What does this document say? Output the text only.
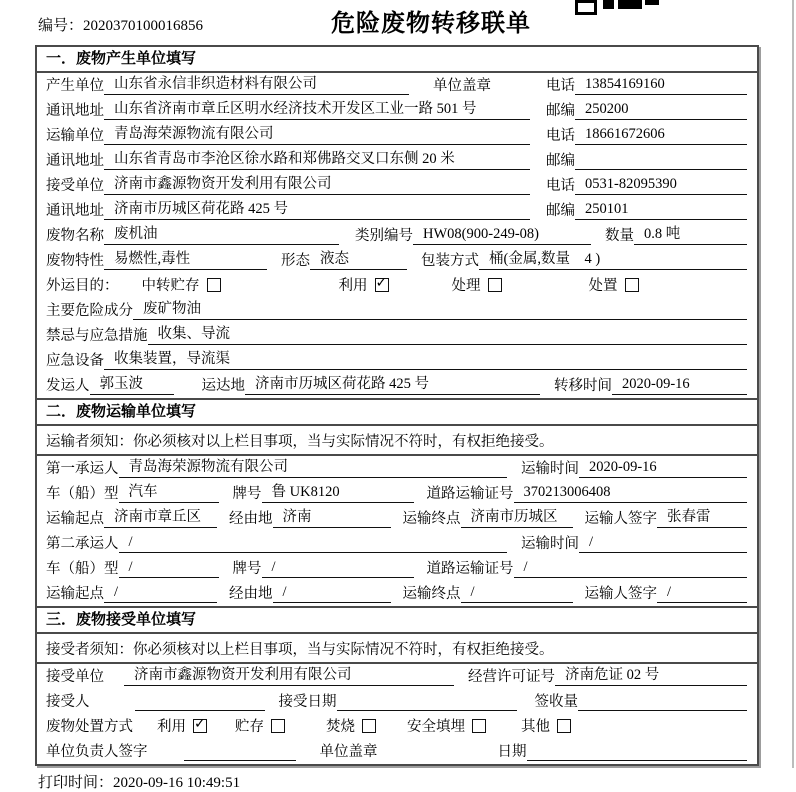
编号：2020370100016856	危险废物转移联单
一．废物产生单位填写
产生单位 山东省永信非织造材料有限公司	单位盖章	电话 13854169160
通讯地址 山东省济南市章丘区明水经济技术开发区工业一路 501 号	邮编 250200
运输单位 青岛海荣源物流有限公司	电话 18661672606
通讯地址 山东省青岛市李沧区徐水路和郑佛路交叉口东侧 20 米	邮编
接受单位 济南市鑫源物资开发利用有限公司	电话 0531-82095390
通讯地址 济南市历城区荷花路 425 号	邮编 250101
废物名称 废机油	类别编号 HW08(900-249-08)	数量 0.8 吨
废物特性 易燃性,毒性	形态 液态	包装方式 桶(金属,数量　4 )
外运目的： 中转贮存	利用 ✓	处理	处置
主要危险成分 废矿物油
禁忌与应急措施 收集、导流
应急设备 收集装置，导流渠
发运人 郭玉波	运达地 济南市历城区荷花路 425 号	转移时间 2020-09-16
二．废物运输单位填写
运输者须知：你必须核对以上栏目事项，当与实际情况不符时，有权拒绝接受。
第一承运人 青岛海荣源物流有限公司	运输时间 2020-09-16
车（船）型 汽车	牌号 鲁 UK8120	道路运输证号 370213006408
运输起点 济南市章丘区	经由地 济南	运输终点 济南市历城区	运输人签字 张春雷
第二承运人 /	运输时间 /
车（船）型 /	牌号 /	道路运输证号 /
运输起点 /	经由地 /	运输终点 /	运输人签字 /
三．废物接受单位填写
接受者须知：你必须核对以上栏目事项，当与实际情况不符时，有权拒绝接受。
接受单位	济南市鑫源物资开发利用有限公司	经营许可证号 济南危证 02 号
接受人	接受日期	签收量
废物处置方式 利用 ✓	贮存	焚烧	安全填埋	其他
单位负责人签字	单位盖章	日期
打印时间：2020-09-16 10:49:51
